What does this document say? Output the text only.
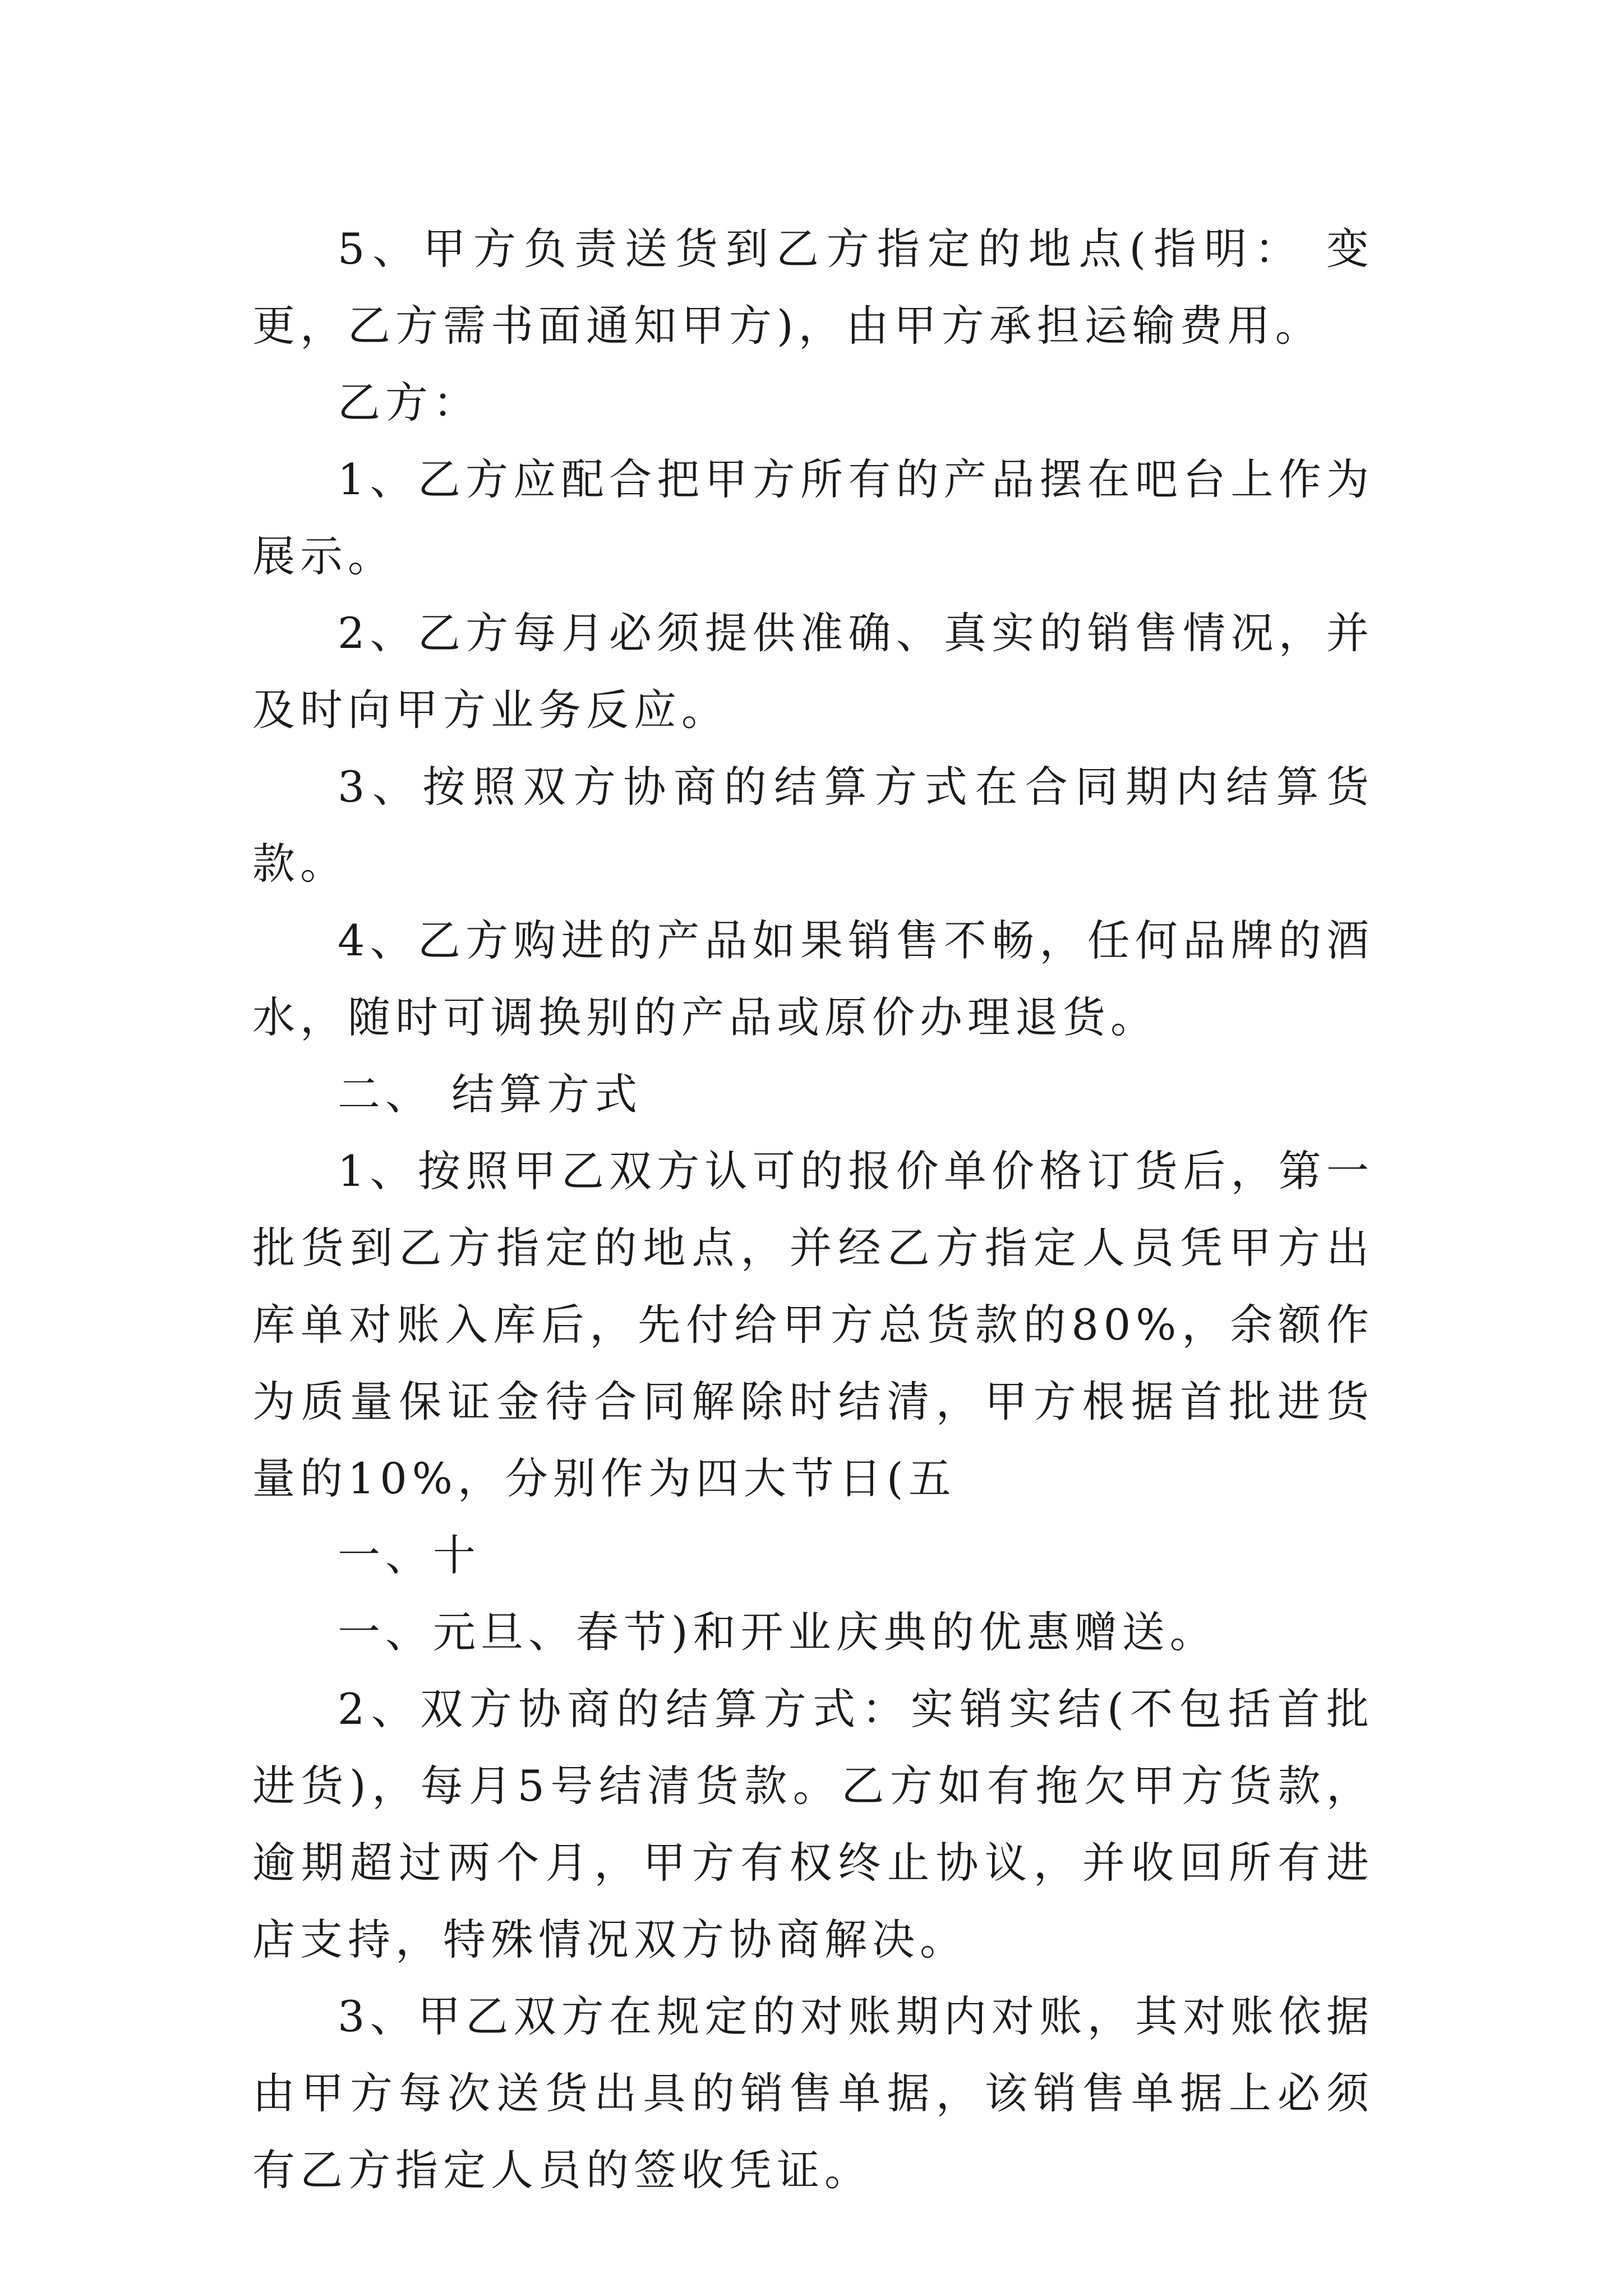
5、甲方负责送货到乙方指定的地点(指明： 变更，乙方需书面通知甲方)，由甲方承担运输费用。

乙方：

1、乙方应配合把甲方所有的产品摆在吧台上作为展示。

2、乙方每月必须提供准确、真实的销售情况，并及时向甲方业务反应。

3、按照双方协商的结算方式在合同期内结算货款。

4、乙方购进的产品如果销售不畅，任何品牌的酒水，随时可调换别的产品或原价办理退货。

二、 结算方式

1、按照甲乙双方认可的报价单价格订货后，第一批货到乙方指定的地点，并经乙方指定人员凭甲方出库单对账入库后，先付给甲方总货款的80%，余额作为质量保证金待合同解除时结清，甲方根据首批进货量的10%，分别作为四大节日(五

一、十

一、元旦、春节)和开业庆典的优惠赠送。

2、双方协商的结算方式：实销实结(不包括首批进货)，每月5号结清货款。乙方如有拖欠甲方货款，逾期超过两个月，甲方有权终止协议，并收回所有进店支持，特殊情况双方协商解决。

3、甲乙双方在规定的对账期内对账，其对账依据由甲方每次送货出具的销售单据，该销售单据上必须有乙方指定人员的签收凭证。
